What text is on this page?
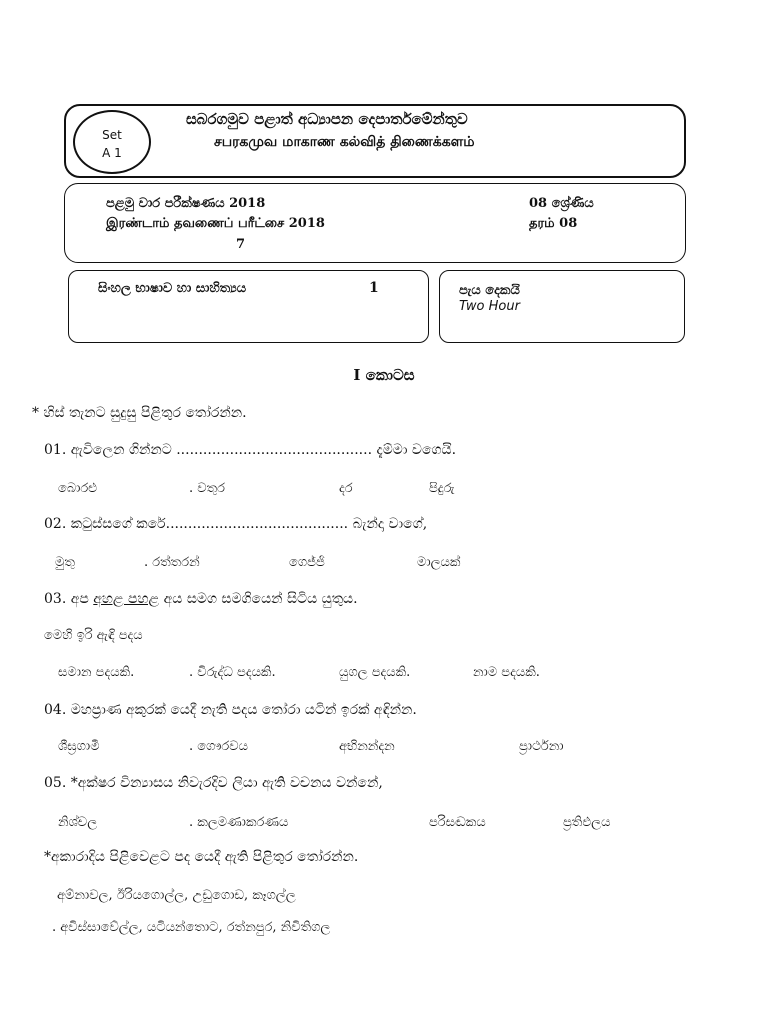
Set
A 1
සබරගමුව පළාත් අධ්‍යාපන දෙපාර්තමේන්තුව
சபரகமுவ மாகாண கல்வித் திணைக்களம்
පළමු වාර පරීක්ෂණය 2018
இரண்டாம் தவணைப் பரீட்சை 2018
08 ශ්‍රේණිය
தரம் 08
7
සිංහල භාෂාව හා සාහිත්‍යය	1	පැය දෙකයි
Two Hour
I කොටස
* හිස් තැනට සුදුසු පිළිතුර තෝරන්න.
01. ඇවිලෙන ගින්නට ............................................ දැම්මා වගෙයි.
බොරළු	. වතුර	දර	පිදුරු
02. කටුස්සගේ කරේ......................................... බැන්දා වාගේ,
මුතු	. රත්තරන්	ගෙජ්ජි	මාලයක්
03. අප අහළ පහළ අය සමග සමගියෙන් සිටිය යුතුය.
මෙහි ඉරි ඇඳි පදය
සමාන පදයකි.	. විරුද්ධ පදයකි.	යුගල පදයකි.	නාම පදයකි.
04. මහප්‍රාණ අකුරක් යෙදී නැති පදය තෝරා යටින් ඉරක් අඳින්න.
ශීඝ්‍රගාමී	. ගෞරවය	අභිනන්දන	ප්‍රාර්ථනා
05. *අක්ෂර වින්‍යාසය නිවැරදිව ලියා ඇති වචනය වන්නේ,
නිශ්චල	. කලමණාකරණය	පරිසඬකය	ප්‍රතිඵලය
*අකාරාදිය පිළිවෙළට පද යෙදී ඇති පිළිතුර තෝරන්න.
අම්නාවල, ඊරියගොල්ල, උඩුගොඩ, කෑගල්ල
. අවිස්සාවේල්ල, යටියන්තොට, රත්නපුර, නිවිතිගල
